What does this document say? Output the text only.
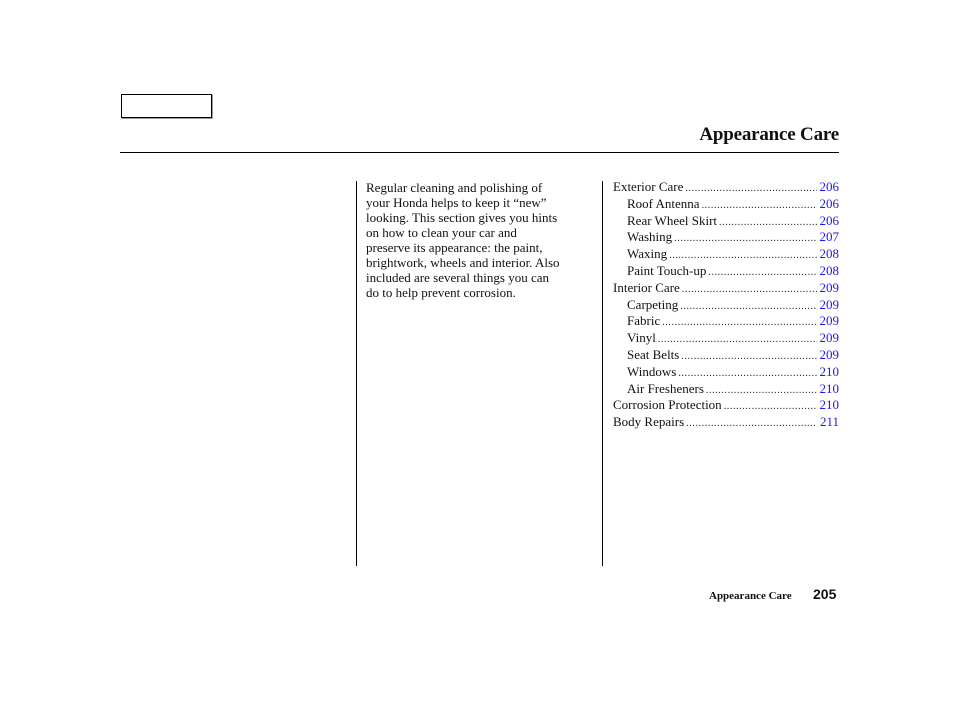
Appearance Care
Regular cleaning and polishing of
your Honda helps to keep it “new”
looking. This section gives you hints
on how to clean your car and
preserve its appearance: the paint,
brightwork, wheels and interior. Also
included are several things you can
do to help prevent corrosion.
Exterior Care .....	206
Roof Antenna .....	206
Rear Wheel Skirt .....	206
Washing .....	207
Waxing .....	208
Paint Touch-up .....	208
Interior Care .....	209
Carpeting .....	209
Fabric .....	209
Vinyl .....	209
Seat Belts .....	209
Windows .....	210
Air Fresheners .....	210
Corrosion Protection .....	210
Body Repairs .....	211
Appearance Care 205
